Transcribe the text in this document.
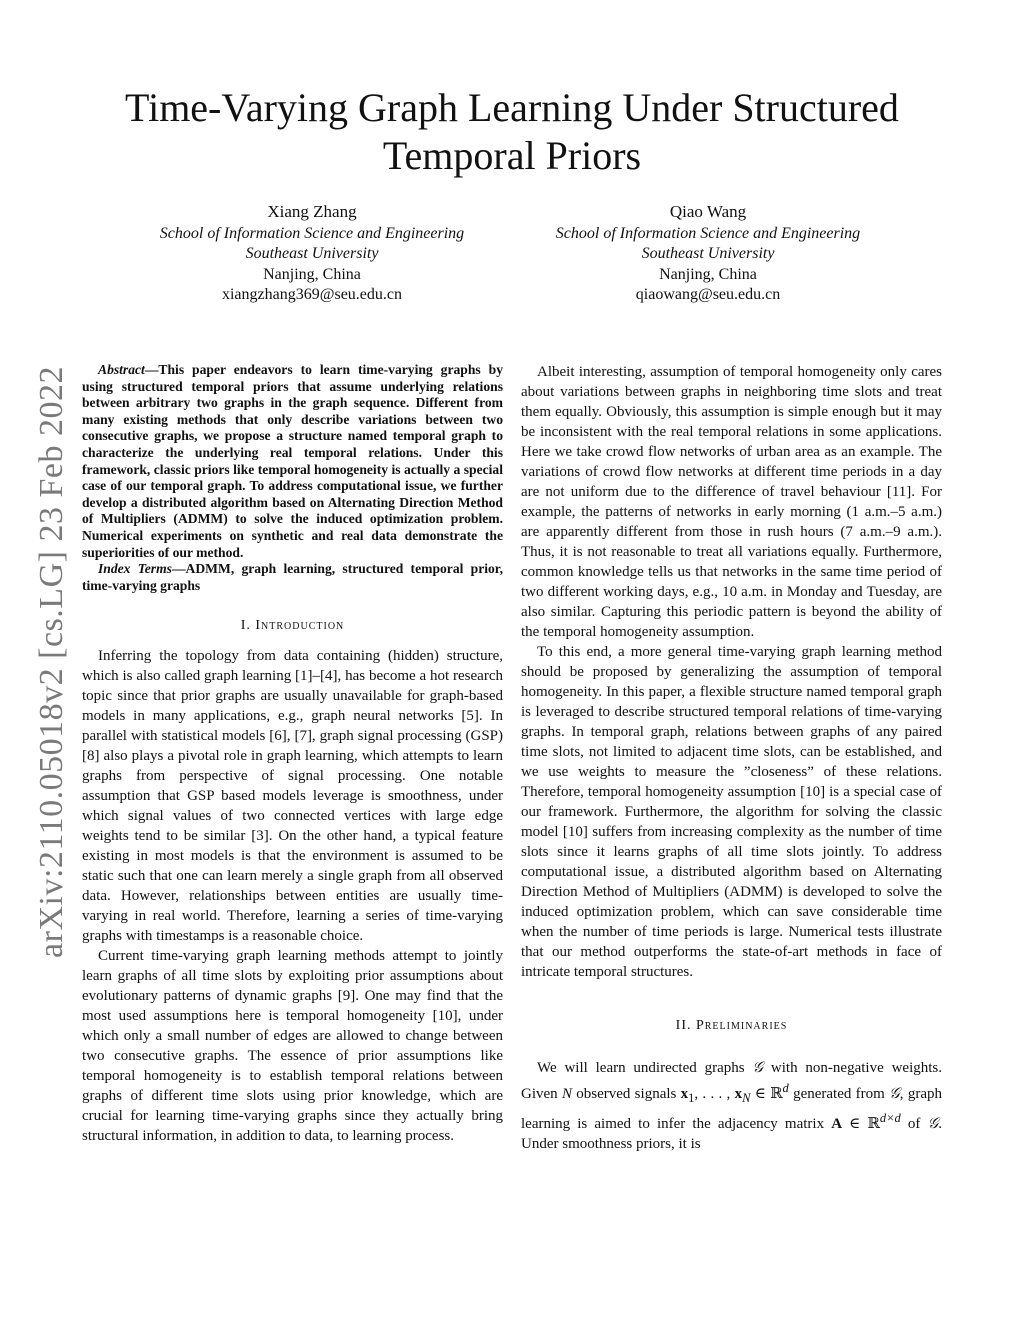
arXiv:2110.05018v2 [cs.LG] 23 Feb 2022
Time-Varying Graph Learning Under Structured Temporal Priors
Xiang Zhang
School of Information Science and Engineering
Southeast University
Nanjing, China
xiangzhang369@seu.edu.cn
Qiao Wang
School of Information Science and Engineering
Southeast University
Nanjing, China
qiaowang@seu.edu.cn

Abstract—This paper endeavors to learn time-varying graphs by using structured temporal priors that assume underlying relations between arbitrary two graphs in the graph sequence. Different from many existing methods that only describe variations between two consecutive graphs, we propose a structure named temporal graph to characterize the underlying real temporal relations. Under this framework, classic priors like temporal homogeneity is actually a special case of our temporal graph. To address computational issue, we further develop a distributed algorithm based on Alternating Direction Method of Multipliers (ADMM) to solve the induced optimization problem. Numerical experiments on synthetic and real data demonstrate the superiorities of our method.

Index Terms—ADMM, graph learning, structured temporal prior, time-varying graphs

I. Introduction

Inferring the topology from data containing (hidden) structure, which is also called graph learning [1]–[4], has become a hot research topic since that prior graphs are usually unavailable for graph-based models in many applications, e.g., graph neural networks [5]. In parallel with statistical models [6], [7], graph signal processing (GSP) [8] also plays a pivotal role in graph learning, which attempts to learn graphs from perspective of signal processing. One notable assumption that GSP based models leverage is smoothness, under which signal values of two connected vertices with large edge weights tend to be similar [3]. On the other hand, a typical feature existing in most models is that the environment is assumed to be static such that one can learn merely a single graph from all observed data. However, relationships between entities are usually time-varying in real world. Therefore, learning a series of time-varying graphs with timestamps is a reasonable choice.

Current time-varying graph learning methods attempt to jointly learn graphs of all time slots by exploiting prior assumptions about evolutionary patterns of dynamic graphs [9]. One may find that the most used assumptions here is temporal homogeneity [10], under which only a small number of edges are allowed to change between two consecutive graphs. The essence of prior assumptions like temporal homogeneity is to establish temporal relations between graphs of different time slots using prior knowledge, which are crucial for learning time-varying graphs since they actually bring structural information, in addition to data, to learning process.

Albeit interesting, assumption of temporal homogeneity only cares about variations between graphs in neighboring time slots and treat them equally. Obviously, this assumption is simple enough but it may be inconsistent with the real temporal relations in some applications. Here we take crowd flow networks of urban area as an example. The variations of crowd flow networks at different time periods in a day are not uniform due to the difference of travel behaviour [11]. For example, the patterns of networks in early morning (1 a.m.–5 a.m.) are apparently different from those in rush hours (7 a.m.–9 a.m.). Thus, it is not reasonable to treat all variations equally. Furthermore, common knowledge tells us that networks in the same time period of two different working days, e.g., 10 a.m. in Monday and Tuesday, are also similar. Capturing this periodic pattern is beyond the ability of the temporal homogeneity assumption.

To this end, a more general time-varying graph learning method should be proposed by generalizing the assumption of temporal homogeneity. In this paper, a flexible structure named temporal graph is leveraged to describe structured temporal relations of time-varying graphs. In temporal graph, relations between graphs of any paired time slots, not limited to adjacent time slots, can be established, and we use weights to measure the ”closeness” of these relations. Therefore, temporal homogeneity assumption [10] is a special case of our framework. Furthermore, the algorithm for solving the classic model [10] suffers from increasing complexity as the number of time slots since it learns graphs of all time slots jointly. To address computational issue, a distributed algorithm based on Alternating Direction Method of Multipliers (ADMM) is developed to solve the induced optimization problem, which can save considerable time when the number of time periods is large. Numerical tests illustrate that our method outperforms the state-of-art methods in face of intricate temporal structures.

II. Preliminaries

We will learn undirected graphs 𝒢 with non-negative weights. Given N observed signals $x_1$, . . . , $x_N$ ∈ ℝ$^d$ generated from 𝒢, graph learning is aimed to infer the adjacency matrix A ∈ ℝ$^{d\times d}$ of 𝒢. Under smoothness priors, it is
